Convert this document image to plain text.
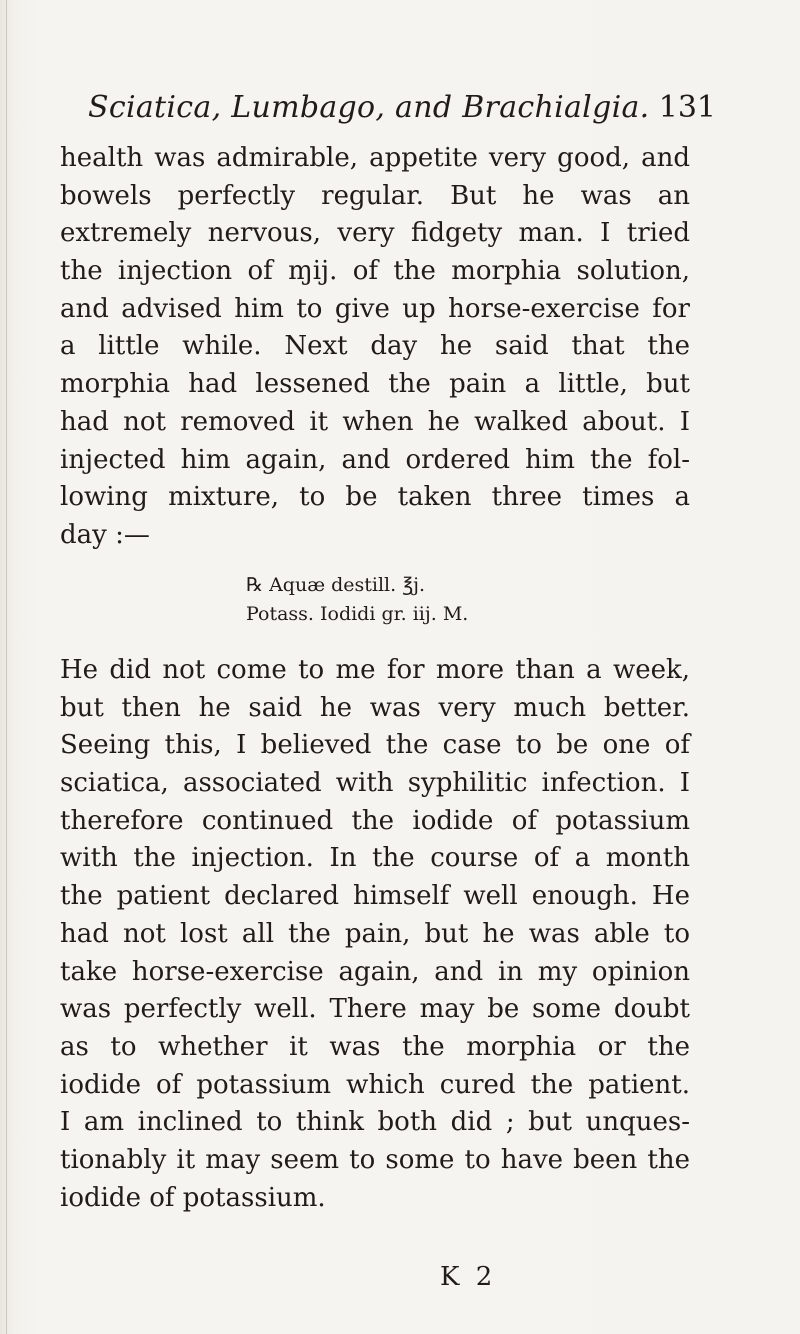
Sciatica, Lumbago, and Brachialgia. 131
health was admirable, appetite very good, and
bowels perfectly regular. But he was an
extremely nervous, very fidgety man. I tried
the injection of ɱij. of the morphia solution,
and advised him to give up horse-exercise for
a little while. Next day he said that the
morphia had lessened the pain a little, but
had not removed it when he walked about. I
injected him again, and ordered him the fol-
lowing mixture, to be taken three times a
day :—
℞ Aquæ destill. ℥j.
Potass. Iodidi gr. iij. M.
He did not come to me for more than a week,
but then he said he was very much better.
Seeing this, I believed the case to be one of
sciatica, associated with syphilitic infection. I
therefore continued the iodide of potassium
with the injection. In the course of a month
the patient declared himself well enough. He
had not lost all the pain, but he was able to
take horse-exercise again, and in my opinion
was perfectly well. There may be some doubt
as to whether it was the morphia or the
iodide of potassium which cured the patient.
I am inclined to think both did ; but unques-
tionably it may seem to some to have been the
iodide of potassium.
K 2
